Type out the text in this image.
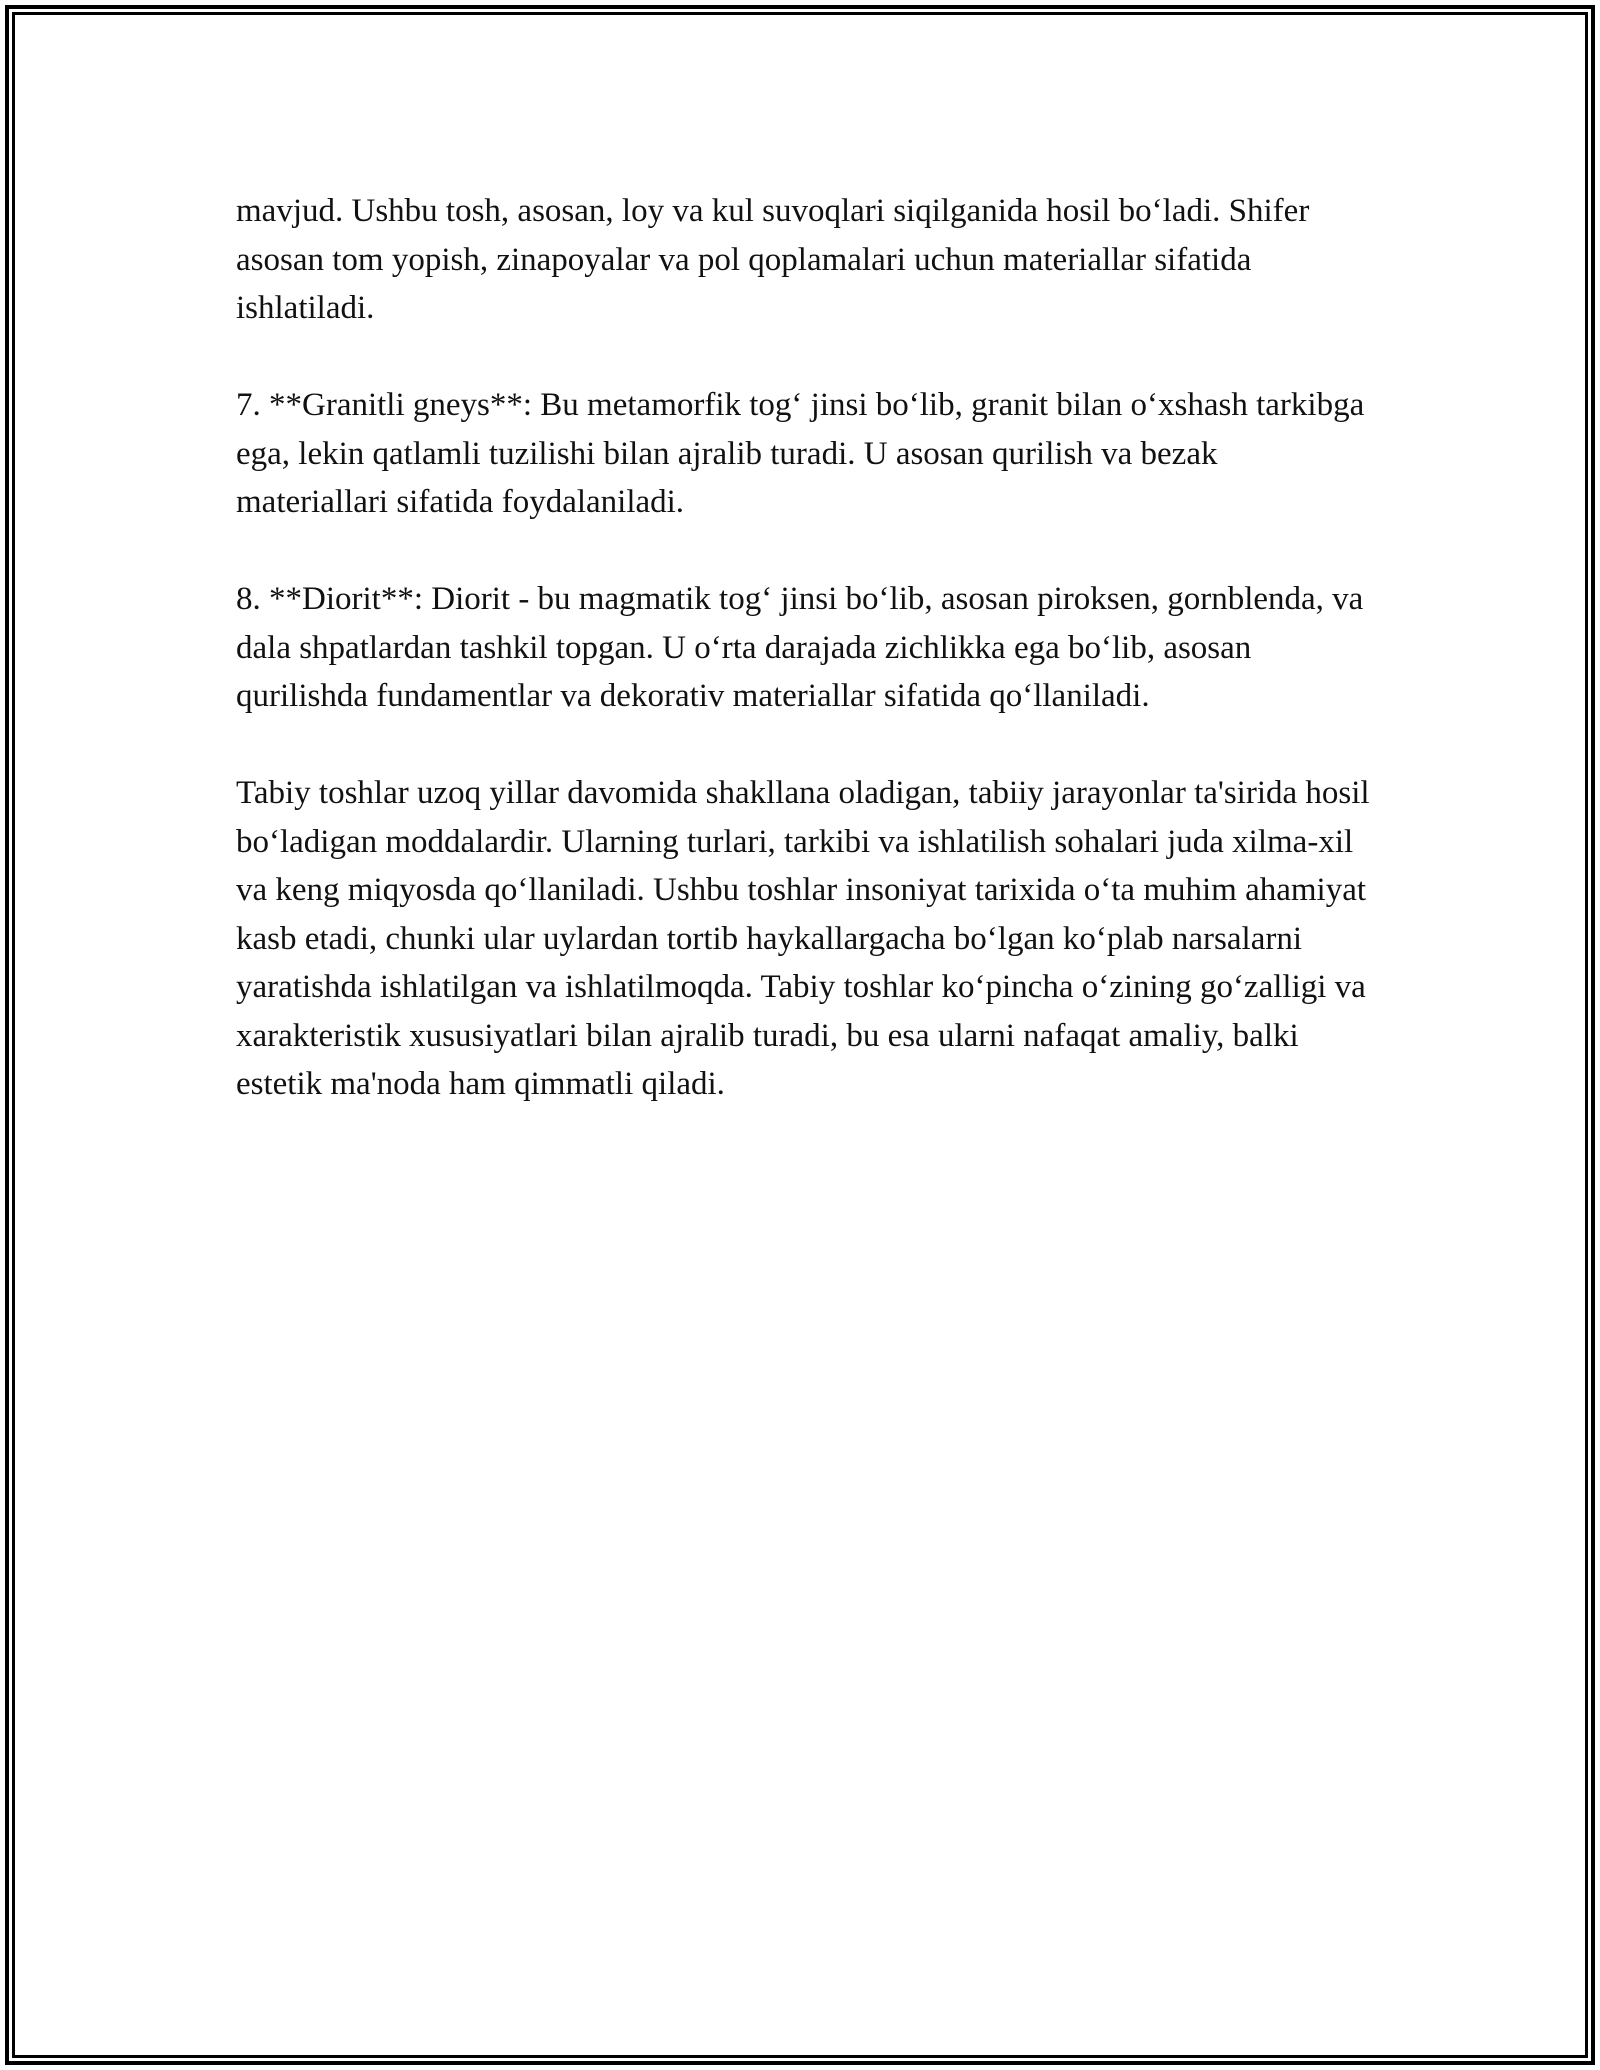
mavjud. Ushbu tosh, asosan, loy va kul suvoqlari siqilganida hosil bo‘ladi. Shifer asosan tom yopish, zinapoyalar va pol qoplamalari uchun materiallar sifatida ishlatiladi.

7. **Granitli gneys**: Bu metamorfik tog‘ jinsi bo‘lib, granit bilan o‘xshash tarkibga ega, lekin qatlamli tuzilishi bilan ajralib turadi. U asosan qurilish va bezak materiallari sifatida foydalaniladi.

8. **Diorit**: Diorit - bu magmatik tog‘ jinsi bo‘lib, asosan piroksen, gornblenda, va dala shpatlardan tashkil topgan. U o‘rta darajada zichlikka ega bo‘lib, asosan qurilishda fundamentlar va dekorativ materiallar sifatida qo‘llaniladi.

Tabiy toshlar uzoq yillar davomida shakllana oladigan, tabiiy jarayonlar ta'sirida hosil bo‘ladigan moddalardir. Ularning turlari, tarkibi va ishlatilish sohalari juda xilma-xil va keng miqyosda qo‘llaniladi. Ushbu toshlar insoniyat tarixida o‘ta muhim ahamiyat kasb etadi, chunki ular uylardan tortib haykallargacha bo‘lgan ko‘plab narsalarni yaratishda ishlatilgan va ishlatilmoqda. Tabiy toshlar ko‘pincha o‘zining go‘zalligi va xarakteristik xususiyatlari bilan ajralib turadi, bu esa ularni nafaqat amaliy, balki estetik ma'noda ham qimmatli qiladi.
